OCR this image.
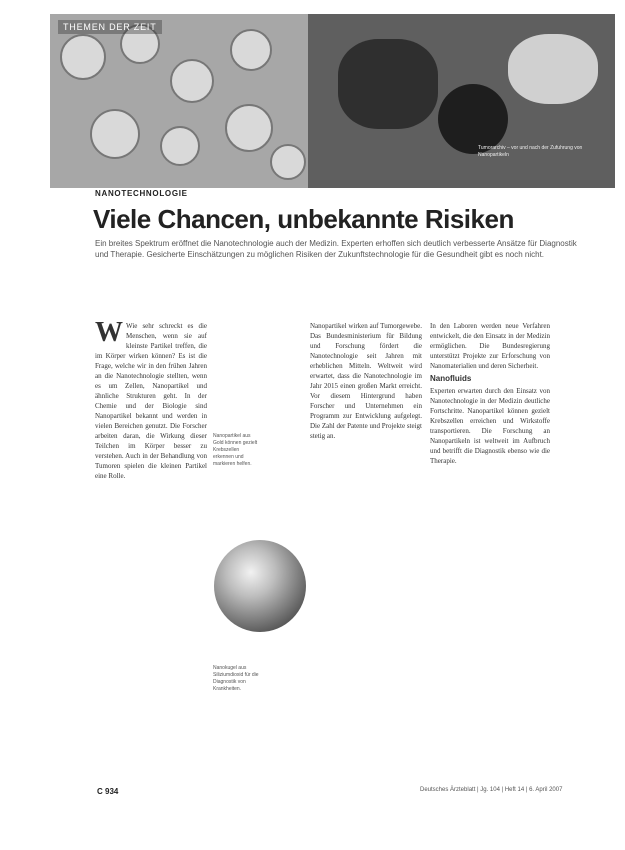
THEMEN DER ZEIT
Tumorarchiv – vor und nach der Zufuhrung von Nanopartikeln
NANOTECHNOLOGIE
Viele Chancen, unbekannte Risiken
Ein breites Spektrum eröffnet die Nanotechnologie auch der Medizin. Experten erhoffen sich deutlich verbesserte Ansätze für Diagnostik und Therapie. Gesicherte Einschätzungen zu möglichen Risiken der Zukunftstechnologie für die Gesundheit gibt es noch nicht.
W Wie sehr schreckt es die Menschen, wenn sie auf kleinste Partikel treffen, die im Körper wirken können? Es ist die Frage, welche wir in den frühen Jahren an die Nanotechnologie stellten, wenn es um Zellen, Nanopartikel und ähnliche Strukturen geht. In der Chemie und der Biologie sind Nanopartikel bekannt und werden in vielen Bereichen genutzt. Die Forscher arbeiten daran, die Wirkung dieser Teilchen im Körper besser zu verstehen. Auch in der Behandlung von Tumoren spielen die kleinen Partikel eine Rolle.
Nanopartikel aus Gold können gezielt Krebszellen erkennen und markieren helfen.
Nanokugel aus Siliziumdioxid für die Diagnostik von Krankheiten.
Nanopartikel wirken auf Tumorgewebe. Das Bundesministerium für Bildung und Forschung fördert die Nanotechnologie seit Jahren mit erheblichen Mitteln. Weltweit wird erwartet, dass die Nanotechnologie im Jahr 2015 einen großen Markt erreicht. Vor diesem Hintergrund haben Forscher und Unternehmen ein Programm zur Entwicklung aufgelegt. Die Zahl der Patente und Projekte steigt stetig an.
In den Laboren werden neue Verfahren entwickelt, die den Einsatz in der Medizin ermöglichen. Die Bundesregierung unterstützt Projekte zur Erforschung von Nanomaterialien und deren Sicherheit.
Nanofluids
Experten erwarten durch den Einsatz von Nanotechnologie in der Medizin deutliche Fortschritte. Nanopartikel können gezielt Krebszellen erreichen und Wirkstoffe transportieren. Die Forschung an Nanopartikeln ist weltweit im Aufbruch und betrifft die Diagnostik ebenso wie die Therapie.
C 934	Deutsches Ärzteblatt | Jg. 104 | Heft 14 | 6. April 2007
